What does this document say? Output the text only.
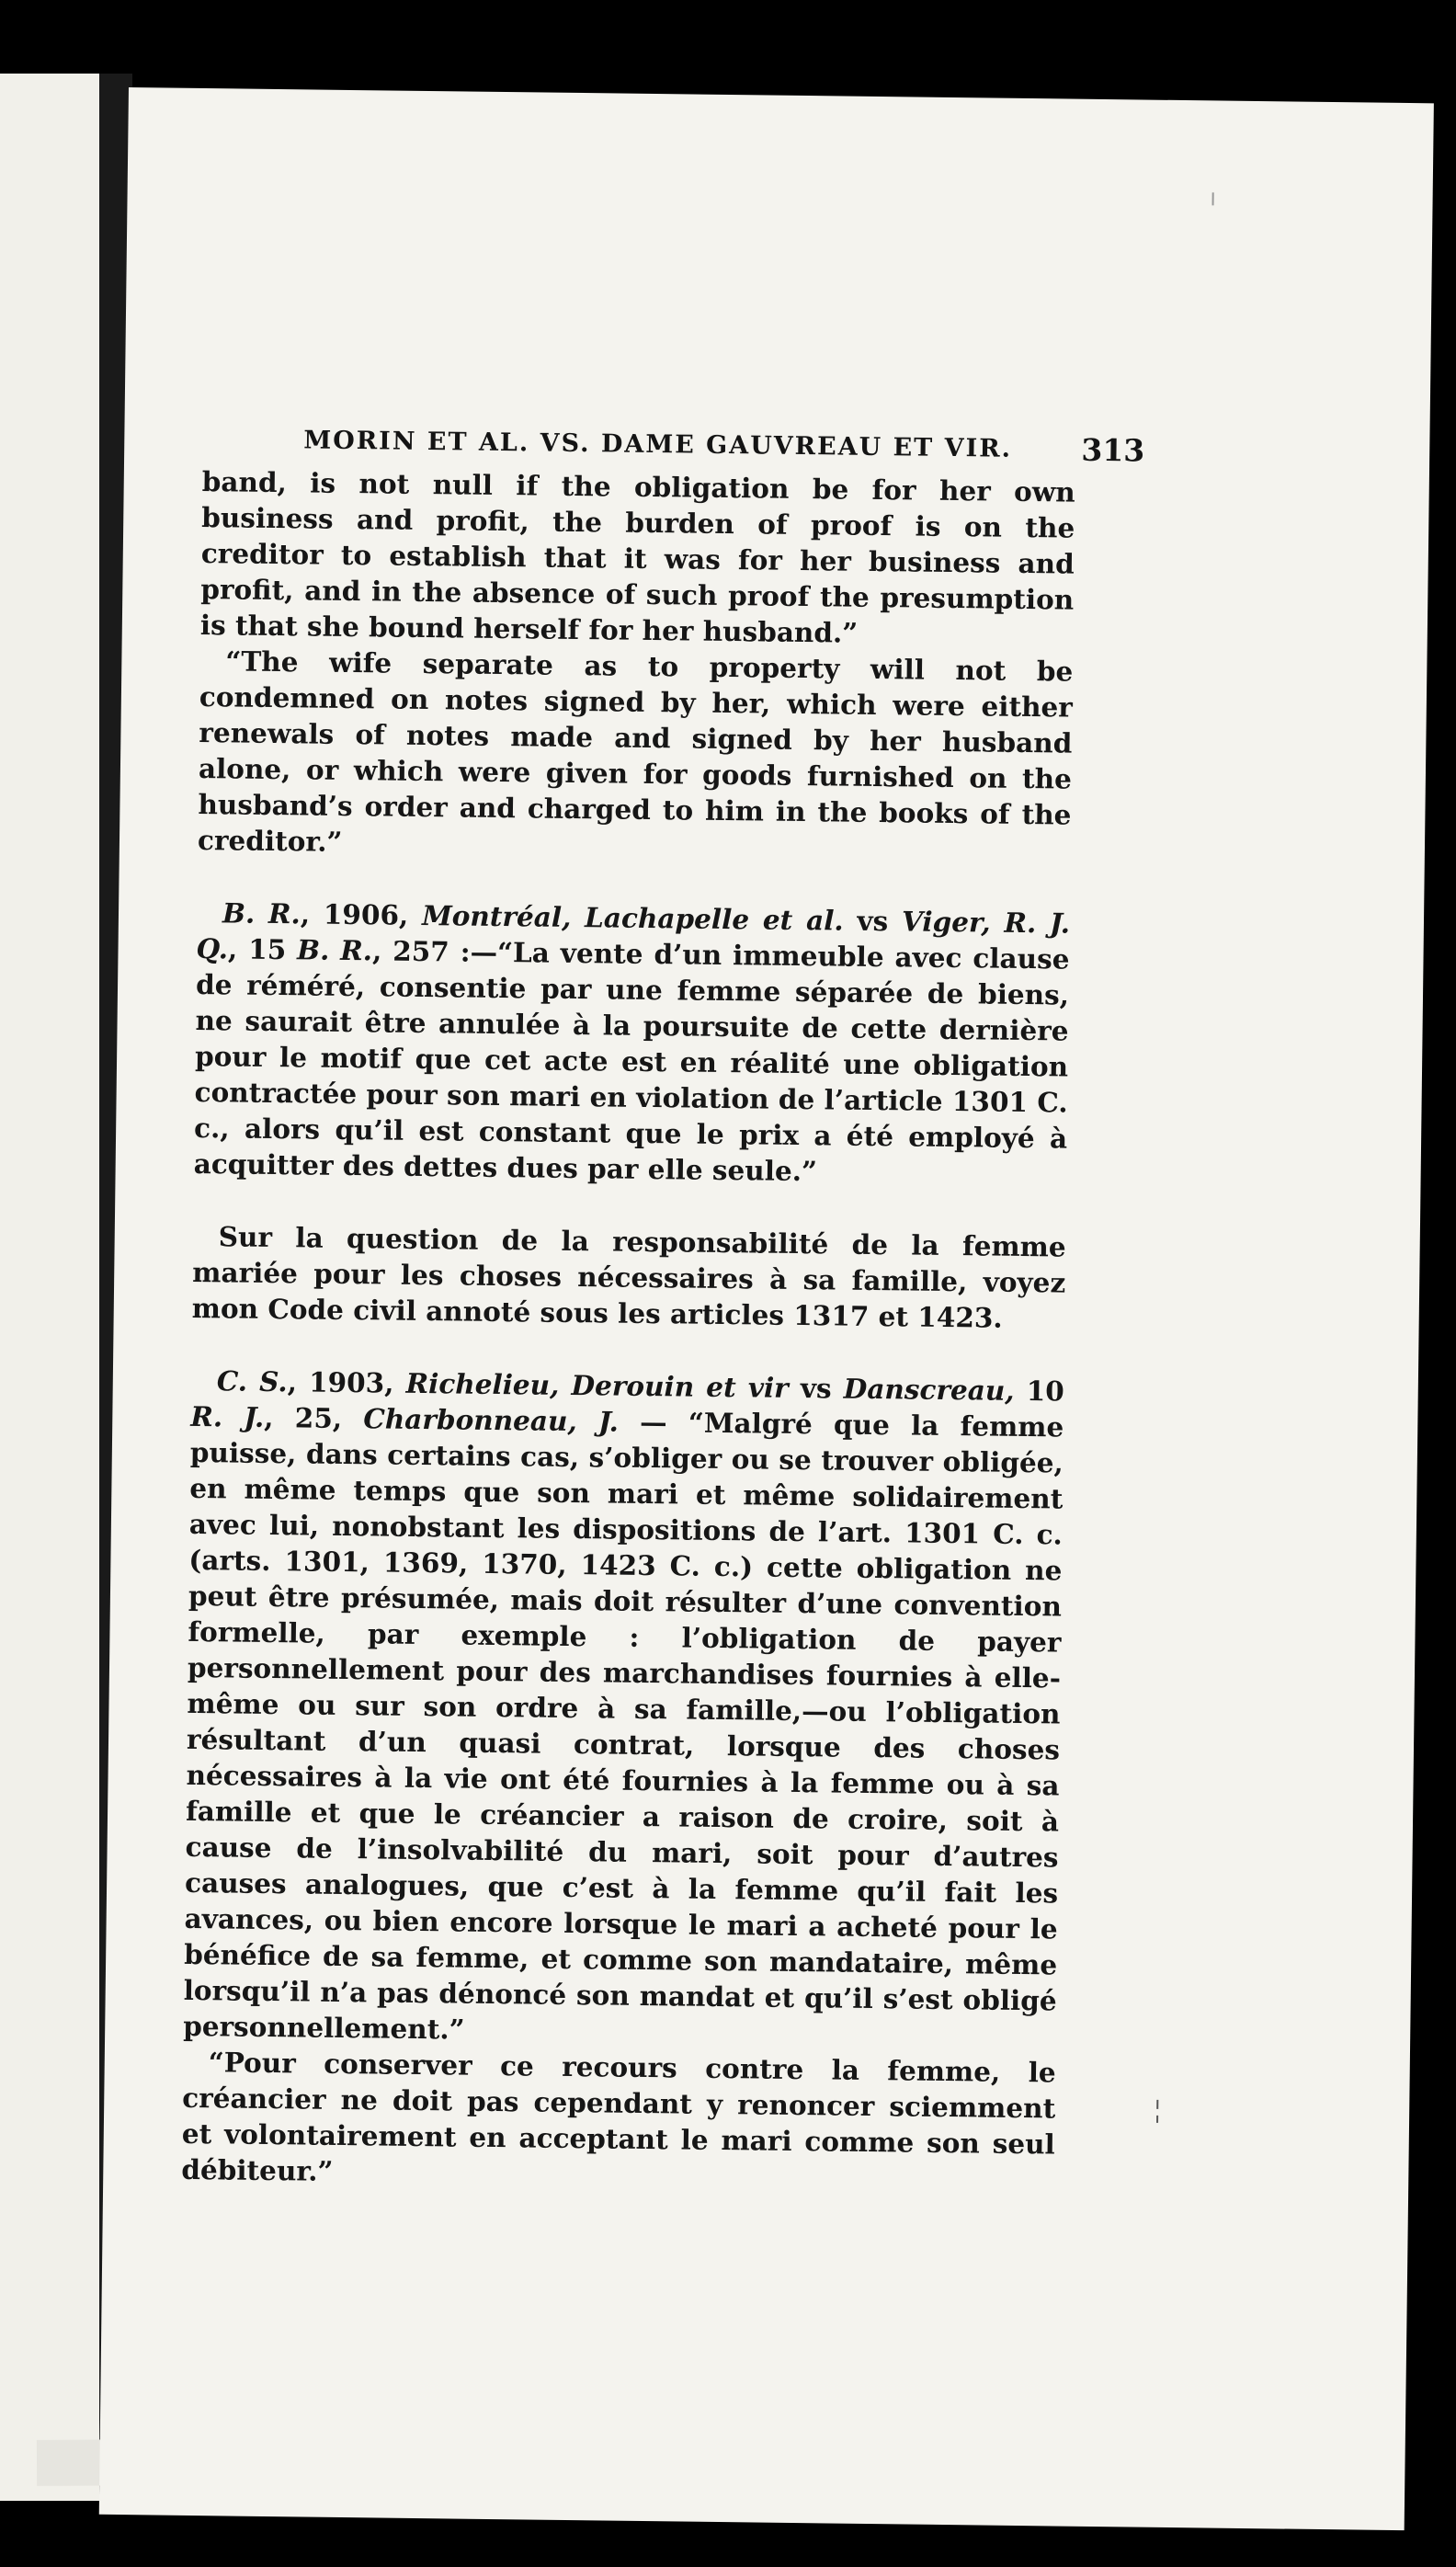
MORIN ET AL. VS. DAME GAUVREAU ET VIR.	313

band, is not null if the obligation be for her own business and profit, the burden of proof is on the creditor to establish that it was for her business and profit, and in the absence of such proof the presumption is that she bound herself for her husband.”

“The wife separate as to property will not be condemned on notes signed by her, which were either renewals of notes made and signed by her husband alone, or which were given for goods furnished on the husband’s order and charged to him in the books of the creditor.”

B. R., 1906, Montréal, Lachapelle et al. vs Viger, R. J. Q., 15 B. R., 257 :—“La vente d’un immeuble avec clause de réméré, consentie par une femme séparée de biens, ne saurait être annulée à la poursuite de cette dernière pour le motif que cet acte est en réalité une obligation contractée pour son mari en violation de l’article 1301 C. c., alors qu’il est constant que le prix a été employé à acquitter des dettes dues par elle seule.”

Sur la question de la responsabilité de la femme mariée pour les choses nécessaires à sa famille, voyez mon Code civil annoté sous les articles 1317 et 1423.

C. S., 1903, Richelieu, Derouin et vir vs Danscreau, 10 R. J., 25, Charbonneau, J. — “Malgré que la femme puisse, dans certains cas, s’obliger ou se trouver obligée, en même temps que son mari et même solidairement avec lui, nonobstant les dispositions de l’art. 1301 C. c. (arts. 1301, 1369, 1370, 1423 C. c.) cette obligation ne peut être présumée, mais doit résulter d’une convention formelle, par exemple : l’obligation de payer personnellement pour des marchandises fournies à elle-même ou sur son ordre à sa famille,—ou l’obligation résultant d’un quasi contrat, lorsque des choses nécessaires à la vie ont été fournies à la femme ou à sa famille et que le créancier a raison de croire, soit à cause de l’insolvabilité du mari, soit pour d’autres causes analogues, que c’est à la femme qu’il fait les avances, ou bien encore lorsque le mari a acheté pour le bénéfice de sa femme, et comme son mandataire, même lorsqu’il n’a pas dénoncé son mandat et qu’il s’est obligé personnellement.”

“Pour conserver ce recours contre la femme, le créancier ne doit pas cependant y renoncer sciemment et volontairement en acceptant le mari comme son seul débiteur.”
